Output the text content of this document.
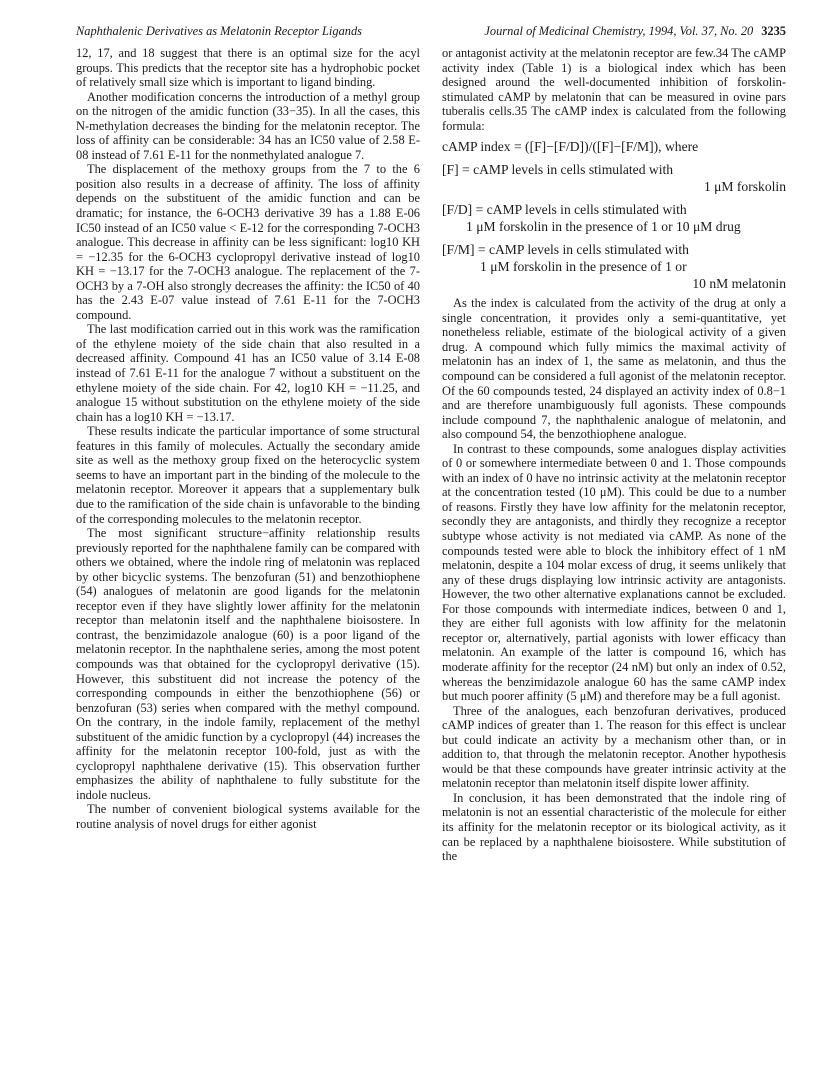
Naphthalenic Derivatives as Melatonin Receptor Ligands	Journal of Medicinal Chemistry, 1994, Vol. 37, No. 20 3235

12, 17, and 18 suggest that there is an optimal size for the acyl groups. This predicts that the receptor site has a hydrophobic pocket of relatively small size which is important to ligand binding.

Another modification concerns the introduction of a methyl group on the nitrogen of the amidic function (33−35). In all the cases, this N-methylation decreases the binding for the melatonin receptor. The loss of affinity can be considerable: 34 has an IC50 value of 2.58 E-08 instead of 7.61 E-11 for the nonmethylated analogue 7.

The displacement of the methoxy groups from the 7 to the 6 position also results in a decrease of affinity. The loss of affinity depends on the substituent of the amidic function and can be dramatic; for instance, the 6-OCH3 derivative 39 has a 1.88 E-06 IC50 instead of an IC50 value < E-12 for the corresponding 7-OCH3 analogue. This decrease in affinity can be less significant: log10 KH = −12.35 for the 6-OCH3 cyclopropyl derivative instead of log10 KH = −13.17 for the 7-OCH3 analogue. The replacement of the 7-OCH3 by a 7-OH also strongly decreases the affinity: the IC50 of 40 has the 2.43 E-07 value instead of 7.61 E-11 for the 7-OCH3 compound.

The last modification carried out in this work was the ramification of the ethylene moiety of the side chain that also resulted in a decreased affinity. Compound 41 has an IC50 value of 3.14 E-08 instead of 7.61 E-11 for the analogue 7 without a substituent on the ethylene moiety of the side chain. For 42, log10 KH = −11.25, and analogue 15 without substitution on the ethylene moiety of the side chain has a log10 KH = −13.17.

These results indicate the particular importance of some structural features in this family of molecules. Actually the secondary amide site as well as the methoxy group fixed on the heterocyclic system seems to have an important part in the binding of the molecule to the melatonin receptor. Moreover it appears that a supplementary bulk due to the ramification of the side chain is unfavorable to the binding of the corresponding molecules to the melatonin receptor.

The most significant structure−affinity relationship results previously reported for the naphthalene family can be compared with others we obtained, where the indole ring of melatonin was replaced by other bicyclic systems. The benzofuran (51) and benzothiophene (54) analogues of melatonin are good ligands for the melatonin receptor even if they have slightly lower affinity for the melatonin receptor than melatonin itself and the naphthalene bioisostere. In contrast, the benzimidazole analogue (60) is a poor ligand of the melatonin receptor. In the naphthalene series, among the most potent compounds was that obtained for the cyclopropyl derivative (15). However, this substituent did not increase the potency of the corresponding compounds in either the benzothiophene (56) or benzofuran (53) series when compared with the methyl compound. On the contrary, in the indole family, replacement of the methyl substituent of the amidic function by a cyclopropyl (44) increases the affinity for the melatonin receptor 100-fold, just as with the cyclopropyl naphthalene derivative (15). This observation further emphasizes the ability of naphthalene to fully substitute for the indole nucleus.

The number of convenient biological systems available for the routine analysis of novel drugs for either agonist

or antagonist activity at the melatonin receptor are few.34 The cAMP activity index (Table 1) is a biological index which has been designed around the well-documented inhibition of forskolin-stimulated cAMP by melatonin that can be measured in ovine pars tuberalis cells.35 The cAMP index is calculated from the following formula:

cAMP index = ([F]−[F/D])/([F]−[F/M]), where
[F] = cAMP levels in cells stimulated with
1 μM forskolin
[F/D] = cAMP levels in cells stimulated with
1 μM forskolin in the presence of 1 or 10 μM drug
[F/M] = cAMP levels in cells stimulated with
1 μM forskolin in the presence of 1 or
10 nM melatonin

As the index is calculated from the activity of the drug at only a single concentration, it provides only a semi-quantitative, yet nonetheless reliable, estimate of the biological activity of a given drug. A compound which fully mimics the maximal activity of melatonin has an index of 1, the same as melatonin, and thus the compound can be considered a full agonist of the melatonin receptor. Of the 60 compounds tested, 24 displayed an activity index of 0.8−1 and are therefore unambiguously full agonists. These compounds include compound 7, the naphthalenic analogue of melatonin, and also compound 54, the benzothiophene analogue.

In contrast to these compounds, some analogues display activities of 0 or somewhere intermediate between 0 and 1. Those compounds with an index of 0 have no intrinsic activity at the melatonin receptor at the concentration tested (10 μM). This could be due to a number of reasons. Firstly they have low affinity for the melatonin receptor, secondly they are antagonists, and thirdly they recognize a receptor subtype whose activity is not mediated via cAMP. As none of the compounds tested were able to block the inhibitory effect of 1 nM melatonin, despite a 104 molar excess of drug, it seems unlikely that any of these drugs displaying low intrinsic activity are antagonists. However, the two other alternative explanations cannot be excluded. For those compounds with intermediate indices, between 0 and 1, they are either full agonists with low affinity for the melatonin receptor or, alternatively, partial agonists with lower efficacy than melatonin. An example of the latter is compound 16, which has moderate affinity for the receptor (24 nM) but only an index of 0.52, whereas the benzimidazole analogue 60 has the same cAMP index but much poorer affinity (5 μM) and therefore may be a full agonist.

Three of the analogues, each benzofuran derivatives, produced cAMP indices of greater than 1. The reason for this effect is unclear but could indicate an activity by a mechanism other than, or in addition to, that through the melatonin receptor. Another hypothesis would be that these compounds have greater intrinsic activity at the melatonin receptor than melatonin itself dispite lower affinity.

In conclusion, it has been demonstrated that the indole ring of melatonin is not an essential characteristic of the molecule for either its affinity for the melatonin receptor or its biological activity, as it can be replaced by a naphthalene bioisostere. While substitution of the
